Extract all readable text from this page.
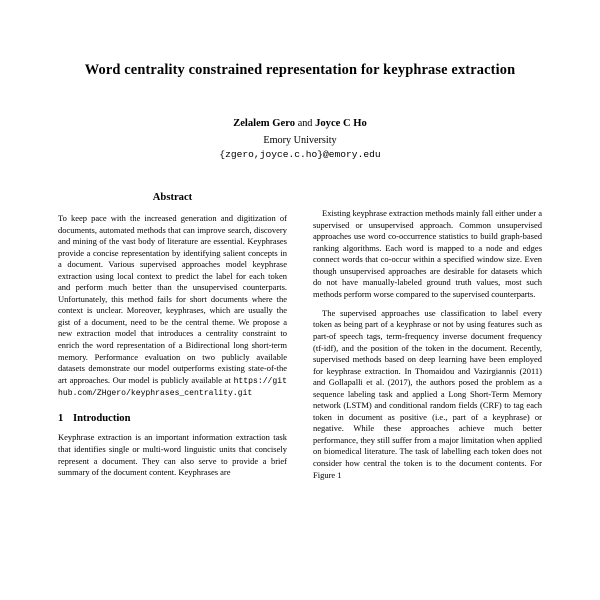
Word centrality constrained representation for keyphrase extraction
Zelalem Gero and Joyce C Ho
Emory University
{zgero,joyce.c.ho}@emory.edu
Abstract

To keep pace with the increased generation and digitization of documents, automated methods that can improve search, discovery and mining of the vast body of literature are essential. Keyphrases provide a concise representation by identifying salient concepts in a document. Various supervised approaches model keyphrase extraction using local context to predict the label for each token and perform much better than the unsupervised counterparts. Unfortunately, this method fails for short documents where the context is unclear. Moreover, keyphrases, which are usually the gist of a document, need to be the central theme. We propose a new extraction model that introduces a centrality constraint to enrich the word representation of a Bidirectional long short-term memory. Performance evaluation on two publicly available datasets demonstrate our model outperforms existing state-of-the art approaches. Our model is publicly available at https://github.com/ZHgero/keyphrases_centrality.git

1 Introduction

Keyphrase extraction is an important information extraction task that identifies single or multi-word linguistic units that concisely represent a document. They can also serve to provide a brief summary of the document content. Keyphrases are

Existing keyphrase extraction methods mainly fall either under a supervised or unsupervised approach. Common unsupervised approaches use word co-occurrence statistics to build graph-based ranking algorithms. Each word is mapped to a node and edges connect words that co-occur within a specified window size. Even though unsupervised approaches are desirable for datasets which do not have manually-labeled ground truth values, most such methods perform worse compared to the supervised counterparts.

The supervised approaches use classification to label every token as being part of a keyphrase or not by using features such as part-of speech tags, term-frequency inverse document frequency (tf-idf), and the position of the token in the document. Recently, supervised methods based on deep learning have been employed for keyphrase extraction. In Thomaidou and Vazirgiannis (2011) and Gollapalli et al. (2017), the authors posed the problem as a sequence labeling task and applied a Long Short-Term Memory network (LSTM) and conditional random fields (CRF) to tag each token in document as positive (i.e., part of a keyphrase) or negative. While these approaches achieve much better performance, they still suffer from a major limitation when applied on biomedical literature. The task of labelling each token does not consider how central the token is to the document contents. For Figure 1
